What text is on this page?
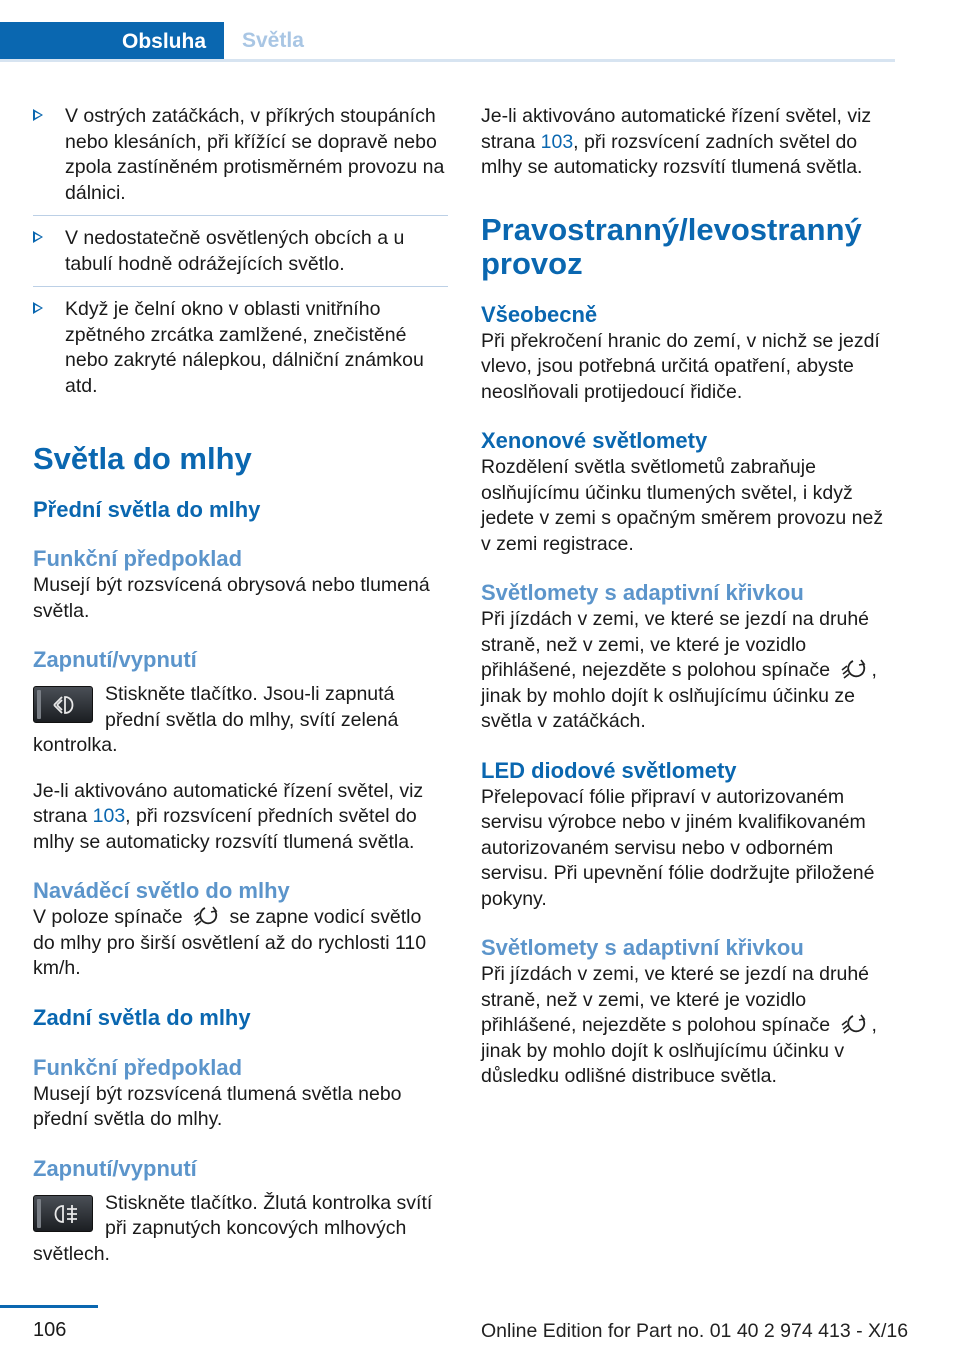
Obsluha	Světla
V ostrých zatáčkách, v příkrých stoupáních nebo klesáních, při křížící se dopravě nebo zpola zastíněném protisměrném provozu na dálnici.
V nedostatečně osvětlených obcích a u tabulí hodně odrážejících světlo.
Když je čelní okno v oblasti vnitřního zpětného zrcátka zamlžené, znečistěné nebo zakryté nálepkou, dálniční známkou atd.
Světla do mlhy
Přední světla do mlhy
Funkční předpoklad

Musejí být rozsvícená obrysová nebo tlumená světla.

Zapnutí/vypnutí

Stiskněte tlačítko. Jsou-li zapnutá přední světla do mlhy, svítí zelená kontrolka.

Je-li aktivováno automatické řízení světel, viz strana 103, při rozsvícení předních světel do mlhy se automaticky rozsvítí tlumená světla.

Naváděcí světlo do mlhy

V poloze spínače  se zapne vodicí světlo do mlhy pro širší osvětlení až do rychlosti 110 km/h.

Zadní světla do mlhy
Funkční předpoklad

Musejí být rozsvícená tlumená světla nebo přední světla do mlhy.

Zapnutí/vypnutí

Stiskněte tlačítko. Žlutá kontrolka svítí při zapnutých koncových mlhových světlech.

Je-li aktivováno automatické řízení světel, viz strana 103, při rozsvícení zadních světel do mlhy se automaticky rozsvítí tlumená světla.

Pravostranný/levostranný provoz
Všeobecně

Při překročení hranic do zemí, v nichž se jezdí vlevo, jsou potřebná určitá opatření, abyste neoslňovali protijedoucí řidiče.

Xenonové světlomety

Rozdělení světla světlometů zabraňuje oslňujícímu účinku tlumených světel, i když jedete v zemi s opačným směrem provozu než v zemi registrace.

Světlomety s adaptivní křivkou

Při jízdách v zemi, ve které se jezdí na druhé straně, než v zemi, ve které je vozidlo přihlášené, nejezděte s polohou spínače , jinak by mohlo dojít k oslňujícímu účinku ze světla v zatáčkách.

LED diodové světlomety

Přelepovací fólie připraví v autorizovaném servisu výrobce nebo v jiném kvalifikovaném autorizovaném servisu nebo v odborném servisu. Při upevnění fólie dodržujte přiložené pokyny.

Světlomety s adaptivní křivkou

Při jízdách v zemi, ve které se jezdí na druhé straně, než v zemi, ve které je vozidlo přihlášené, nejezděte s polohou spínače , jinak by mohlo dojít k oslňujícímu účinku v důsledku odlišné distribuce světla.

106	Online Edition for Part no. 01 40 2 974 413 - X/16
